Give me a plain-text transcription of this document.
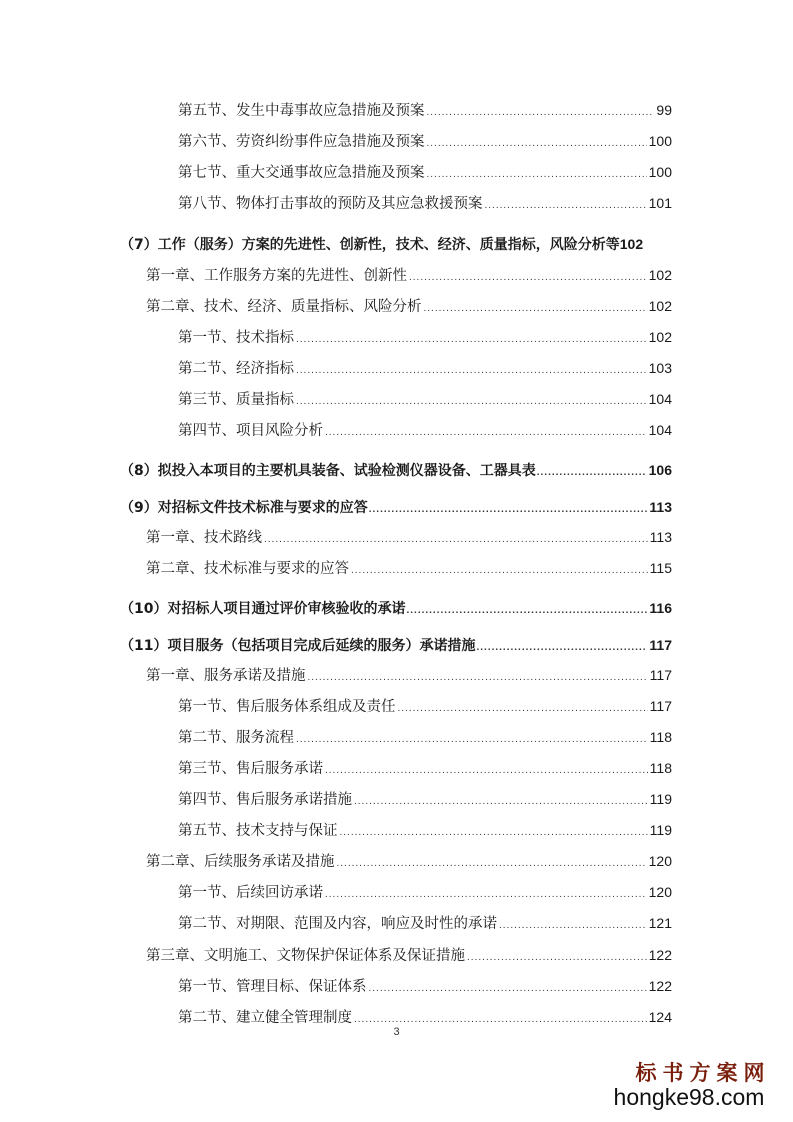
第五节、发生中毒事故应急措施及预案 .....	99
第六节、劳资纠纷事件应急措施及预案 .....	100
第七节、重大交通事故应急措施及预案 .....	100
第八节、物体打击事故的预防及其应急救援预案 .....	101
（7）工作（服务）方案的先进性、创新性，技术、经济、质量指标，风险分析等 102
第一章、工作服务方案的先进性、创新性 .....	102
第二章、技术、经济、质量指标、风险分析 .....	102
第一节、技术指标 .....	102
第二节、经济指标 .....	103
第三节、质量指标 .....	104
第四节、项目风险分析 .....	104
（8）拟投入本项目的主要机具装备、试验检测仪器设备、工器具表 .....	106
（9）对招标文件技术标准与要求的应答 .....	113
第一章、技术路线 .....	113
第二章、技术标准与要求的应答 .....	115
（10）对招标人项目通过评价审核验收的承诺 .....	116
（11）项目服务（包括项目完成后延续的服务）承诺措施 .....	117
第一章、服务承诺及措施 .....	117
第一节、售后服务体系组成及责任 .....	117
第二节、服务流程 .....	118
第三节、售后服务承诺 .....	118
第四节、售后服务承诺措施 .....	119
第五节、技术支持与保证 .....	119
第二章、后续服务承诺及措施 .....	120
第一节、后续回访承诺 .....	120
第二节、对期限、范围及内容，响应及时性的承诺 .....	121
第三章、文明施工、文物保护保证体系及保证措施 .....	122
第一节、管理目标、保证体系 .....	122
第二节、建立健全管理制度 .....	124
3
标书方案网
hongke98.com
